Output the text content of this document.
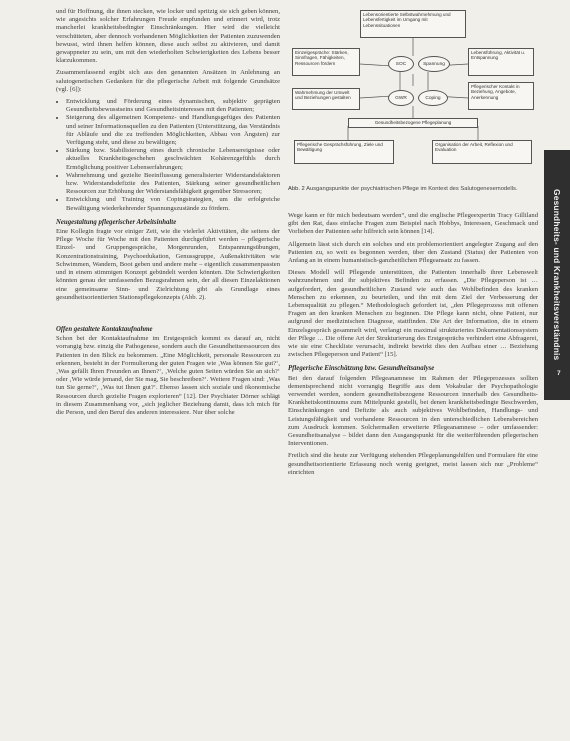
und für Hoffnung, die ihnen stecken, wie locker und spritzig sie sich geben können, wie angesichts solcher Erfahrungen Freude empfunden und erinnert wird, trotz mancherlei krankheitsbedingter Einschränkungen. Hier wird die vielleicht verschütteten, aber dennoch vorhandenen Möglichkeiten der Patienten zuzuwenden bewusst, wird ihnen helfen können, diese auch selbst zu aktivieren, und damit gewappneter zu sein, um mit den wiederholten Schwierigkeiten des Lebens besser klarzukommen.

Zusammenfassend ergibt sich aus den genannten Ansätzen in Anlehnung an salutogenetischen Gedanken für die pflegerische Arbeit mit folgende Grundsätze (vgl. [6]):

• Entwicklung und Förderung eines dynamischen, subjektiv geprägten Gesundheitsbewusstseins und Gesundheitsinteresses mit den Patienten;
• Steigerung des allgemeinen Kompetenz- und Handlungsgefüges des Patienten und seiner Informationsquellen zu den Patienten (Unterstützung, das Verständnis für Abläufe und die zu treffenden Möglichkeiten, Abbau von Ängsten) zur Verfügung steht, und diese zu bewältigen;
• Stärkung bzw. Stabilisierung eines durch chronische Lebensereignisse oder aktuelles Krankheitsgeschehen geschwächten Kohärenzgefühls durch Ermöglichung positiver Lebenserfahrungen;
• Wahrnehmung und gezielte Beeinflussung generalisierter Widerstandsfaktoren bzw. Widerstandsdefizite des Patienten, Stärkung seiner gesundheitlichen Ressourcen zur Erhöhung der Widerstandsfähigkeit gegenüber Stressoren;
• Entwicklung und Training von Copingstrategien, um die erfolgreiche Bewältigung wiederkehrender Spannungszustände zu fördern.
Neugestaltung pflegerischer Arbeitsinhalte

Eine Kollegin fragte vor einiger Zeit, wie die vielerlei Aktivitäten, die seitens der Pflege Woche für Woche mit den Patienten durchgeführt werden – pflegerische Einzel- und Gruppengespräche, Morgenrunden, Entspannungsübungen, Konzentrationstraining, Psychoedukation, Genussgruppe, Außenaktivitäten wie Schwimmen, Wandern, Boot geben und andere mehr – eigentlich zusammenpassten und in einem stimmigen Konzept gebündelt werden könnten. Die Schwierigkeiten könnten genau der umfassenden Bezugsrahmen sein, der all diesen Einzelaktionen eine gemeinsame Sinn- und Zielrichtung gibt als Grundlage eines gesundheitsorientierten Stationspflegekonzepts (Abb. 2).

Offen gestaltete Kontaktaufnahme

Schon bei der Kontaktaufnahme im Erstgespräch kommt es darauf an, nicht vorrangig bzw. einzig die Pathogenese, sondern auch die Gesundheitsressourcen des Patienten in den Blick zu bekommen. „Eine Möglichkeit, personale Ressourcen zu erkennen, besteht in der Formulierung der guten Fragen wie ‚Was können Sie gut?‘, ‚Was gefällt Ihren Freunden an Ihnen?‘, ‚Welche guten Seiten würden Sie an sich?‘ oder ‚Wie würde jemand, der Sie mag, Sie beschreiben?‘. Weitere Fragen sind: ‚Was tun Sie gerne?‘, ‚Was tut Ihnen gut?‘. Ebenso lassen sich soziale und ökonomische Ressourcen durch gezielte Fragen explorieren“ [12]. Der Psychiater Dörner schlägt in diesem Zusammenhang vor, „sich jeglicher Beziehung damit, dass ich mich für die Person, und den Beruf des anderen interessiere. Nur über solche

Lebensorientierte Selbstwahrnehmung und Lebensfertigkeit im Umgang mit Lebenssituationen
Einzelgespräche: Stärken, Sinnfragen, Fähigkeiten, Ressourcen fördern
Lebensführung, Aktivität u. Entspannung
SOC	Spannung
Wahrnehmung der Umwelt und Beziehungen gestalten
Pflegerischer Kontakt in Beziehung, Angebote, Anerkennung
GWR	Coping
Gesundheitsbezogene Pflegeplanung
Pflegerische Gesprächsführung, Ziele und Bewältigung
Organisation der Arbeit, Reflexion und Evaluation
Abb. 2 Ausgangspunkte der psychiatrischen Pflege im Kontext des Salutogenesemodells.

Wege kann er für mich bedeutsam werden“, und die englische Pflegeexpertin Tracy Gilliland gibt den Rat, dass einfache Fragen zum Beispiel nach Hobbys, Interessen, Geschmack und Vorlieben der Patienten sehr hilfreich sein können [14].

Allgemein lässt sich durch ein solches und ein problemorientiert angelegter Zugang auf den Patienten zu, so weit es begonnen werden, über den Zustand (Status) der Patienten von Anfang an in einem humanistisch-ganzheitlichen Pflegeansatz zu fassen.

Dieses Modell will Pflegende unterstützen, die Patienten innerhalb ihrer Lebenswelt wahrzunehmen und ihr subjektives Befinden zu erfassen. „Die Pflegeperson ist … aufgefordert, den gesundheitlichen Zustand wie auch das Wohlbefinden des kranken Menschen zu erkennen, zu beurteilen, und ihn mit dem Ziel der Verbesserung der Lebensqualität zu pflegen.“ Methodologisch gefordert ist, „den Pflegeprozess mit offenen Fragen an den kranken Menschen zu beginnen. Die Pflege kann nicht, ohne Patient, nur aufgrund der medizinischen Diagnose, stattfinden. Die Art der Information, die in einem Einzelsgespräch gesammelt wird, verlangt ein maximal strukturiertes Dokumentationssystem der Pflege … Die offene Art der Strukturierung des Erstgesprächs verhindert eine Abfragerei, wie sie eine Checkliste verursacht, indirekt bewirkt dies den Aufbau einer … Beziehung zwischen Pflegeperson und Patient“ [15].

Pflegerische Einschätzung bzw. Gesundheitsanalyse

Bei den darauf folgenden Pflegeanamnese im Rahmen der Pflegeprozesses sollten dementsprechend nicht vorrangig Begriffe aus dem Vokabular der Psychopathologie verwendet werden, sondern gesundheitsbezogene Ressourcen innerhalb des Gesundheits-Krankheitskontinuums zum Mittelpunkt gestellt, bei denen krankheitsbedingte Beschwerden, Einschränkungen und Defizite als auch subjektives Wohlbefinden, Handlungs- und Leistungsfähigkeit und vorhandene Ressourcen in den unterschiedlichen Lebensbereichen zum Ausdruck kommen. Solchermaßen erweiterte Pflegeanamnese – oder umfassender: Gesundheitsanalyse – bildet dann den Ausgangspunkt für die weiterführenden pflegerischen Interventionen.

Freilich sind die heute zur Verfügung stehenden Pflegeplanungshilfen und Formulare für eine gesundheitsorientierte Erfassung noch wenig geeignet, meist lassen sich nur „Probleme“ einrichten

Gesundheits- und Krankheitsverständnis
7
